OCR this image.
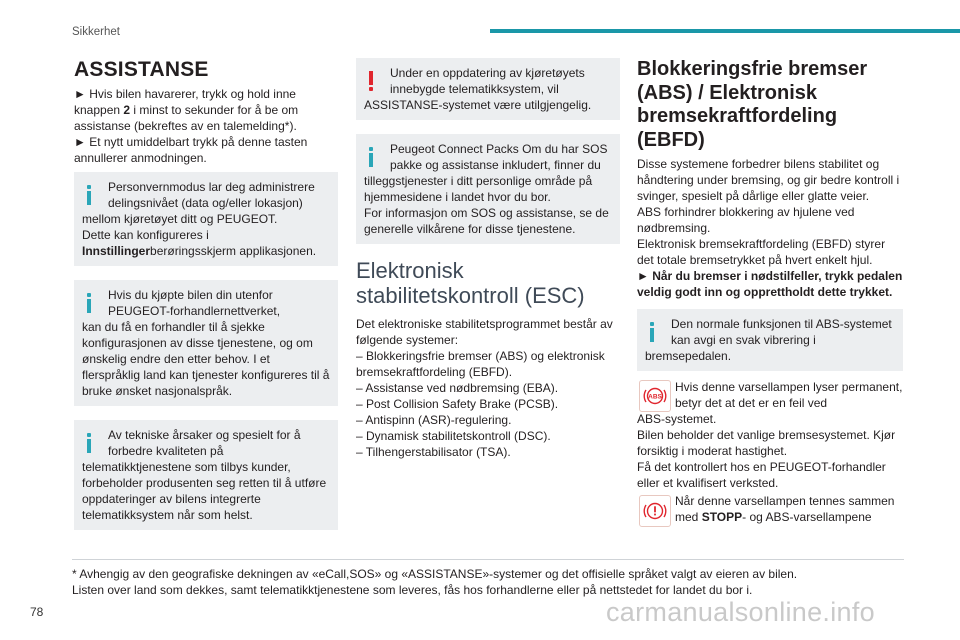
Sikkerhet
ASSISTANSE

► Hvis bilen havarerer, trykk og hold inne knappen 2 i minst to sekunder for å be om assistanse (bekreftes av en talemelding*).

► Et nytt umiddelbart trykk på denne tasten annullerer anmodningen.

Personvernmodus lar deg administrere delingsnivået (data og/eller lokasjon)

mellom kjøretøyet ditt og PEUGEOT.
Dette kan konfigureres i
Innstillingerberøringsskjerm applikasjonen.

Hvis du kjøpte bilen din utenfor PEUGEOT-forhandlernettverket,

kan du få en forhandler til å sjekke konfigurasjonen av disse tjenestene, og om ønskelig endre den etter behov. I et flerspråklig land kan tjenester konfigureres til å bruke ønsket nasjonalspråk.

Av tekniske årsaker og spesielt for å forbedre kvaliteten på

telematikktjenestene som tilbys kunder, forbeholder produsenten seg retten til å utføre oppdateringer av bilens integrerte telematikksystem når som helst.

Under en oppdatering av kjøretøyets innebygde telematikksystem, vil

ASSISTANSE-systemet være utilgjengelig.

Peugeot Connect Packs Om du har SOS pakke og assistanse inkludert, finner du

tilleggstjenester i ditt personlige område på hjemmesidene i landet hvor du bor.
For informasjon om SOS og assistanse, se de generelle vilkårene for disse tjenestene.

Elektronisk stabilitetskontroll (ESC)

Det elektroniske stabilitetsprogrammet består av følgende systemer:

– Blokkeringsfrie bremser (ABS) og elektronisk bremsekraftfordeling (EBFD).

– Assistanse ved nødbremsing (EBA).

– Post Collision Safety Brake (PCSB).

– Antispinn (ASR)-regulering.

– Dynamisk stabilitetskontroll (DSC).

– Tilhengerstabilisator (TSA).

Blokkeringsfrie bremser (ABS) / Elektronisk bremsekraftfordeling (EBFD)

Disse systemene forbedrer bilens stabilitet og håndtering under bremsing, og gir bedre kontroll i svinger, spesielt på dårlige eller glatte veier.
ABS forhindrer blokkering av hjulene ved nødbremsing.
Elektronisk bremsekraftfordeling (EBFD) styrer det totale bremsetrykket på hvert enkelt hjul.

► Når du bremser i nødstilfeller, trykk pedalen veldig godt inn og opprettholdt dette trykket.

Den normale funksjonen til ABS-systemet kan avgi en svak vibrering i

bremsepedalen.

ABS

Hvis denne varsellampen lyser permanent, betyr det at det er en feil ved

ABS-systemet.
Bilen beholder det vanlige bremsesystemet. Kjør forsiktig i moderat hastighet.
Få det kontrollert hos en PEUGEOT-forhandler eller et kvalifisert verksted.

Når denne varsellampen tennes sammen med STOPP- og ABS-varsellampene

* Avhengig av den geografiske dekningen av «eCall,SOS» og «ASSISTANSE»-systemer og det offisielle språket valgt av eieren av bilen.

Listen over land som dekkes, samt telematikktjenestene som leveres, fås hos forhandlerne eller på nettstedet for landet du bor i.

78	carmanualsonline.info
